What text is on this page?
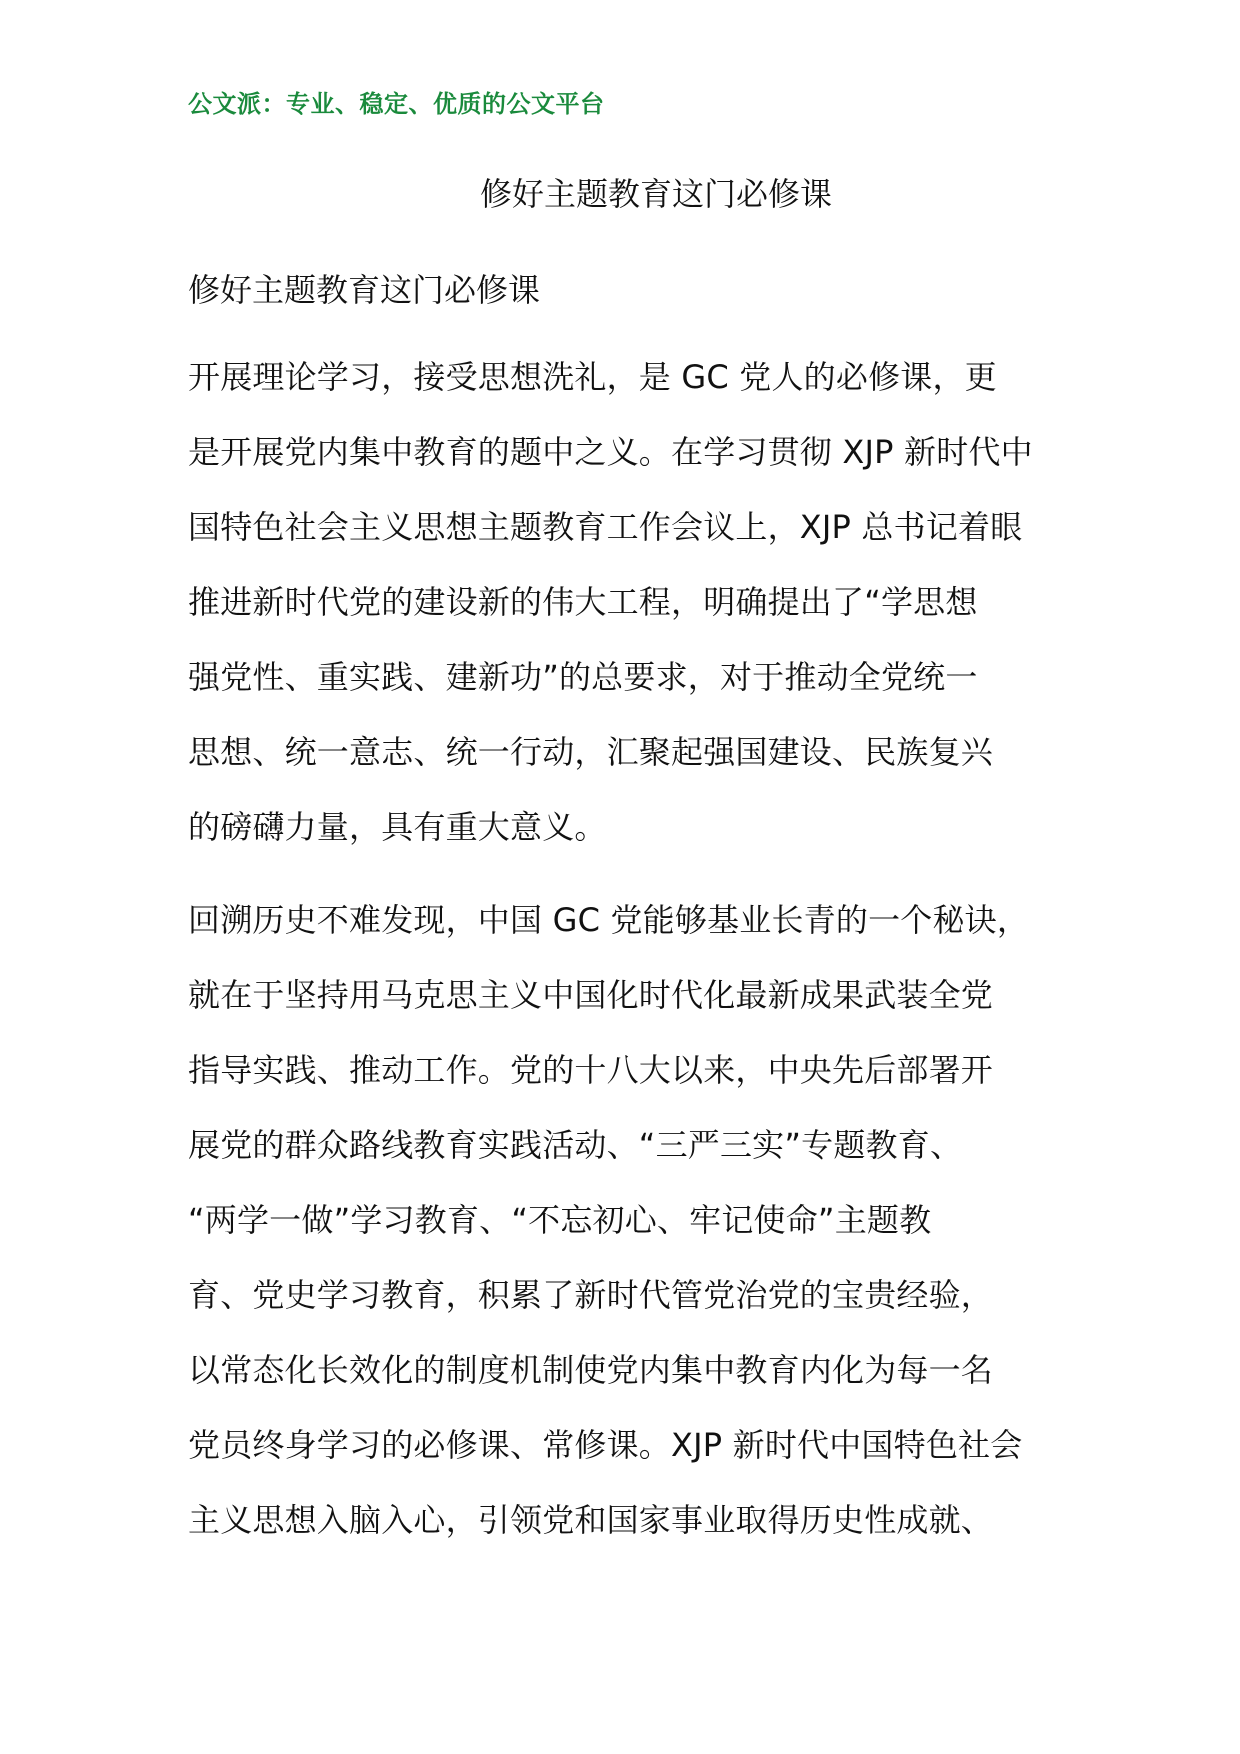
公文派：专业、稳定、优质的公文平台
修好主题教育这门必修课
修好主题教育这门必修课

开展理论学习，接受思想洗礼，是 GC 党人的必修课，更
是开展党内集中教育的题中之义。在学习贯彻 XJP 新时代中
国特色社会主义思想主题教育工作会议上，XJP 总书记着眼
推进新时代党的建设新的伟大工程，明确提出了“学思想
强党性、重实践、建新功”的总要求，对于推动全党统一
思想、统一意志、统一行动，汇聚起强国建设、民族复兴
的磅礴力量，具有重大意义。

回溯历史不难发现，中国 GC 党能够基业长青的一个秘诀，
就在于坚持用马克思主义中国化时代化最新成果武装全党
指导实践、推动工作。党的十八大以来，中央先后部署开
展党的群众路线教育实践活动、“三严三实”专题教育、
“两学一做”学习教育、“不忘初心、牢记使命”主题教
育、党史学习教育，积累了新时代管党治党的宝贵经验，
以常态化长效化的制度机制使党内集中教育内化为每一名
党员终身学习的必修课、常修课。XJP 新时代中国特色社会
主义思想入脑入心，引领党和国家事业取得历史性成就、
